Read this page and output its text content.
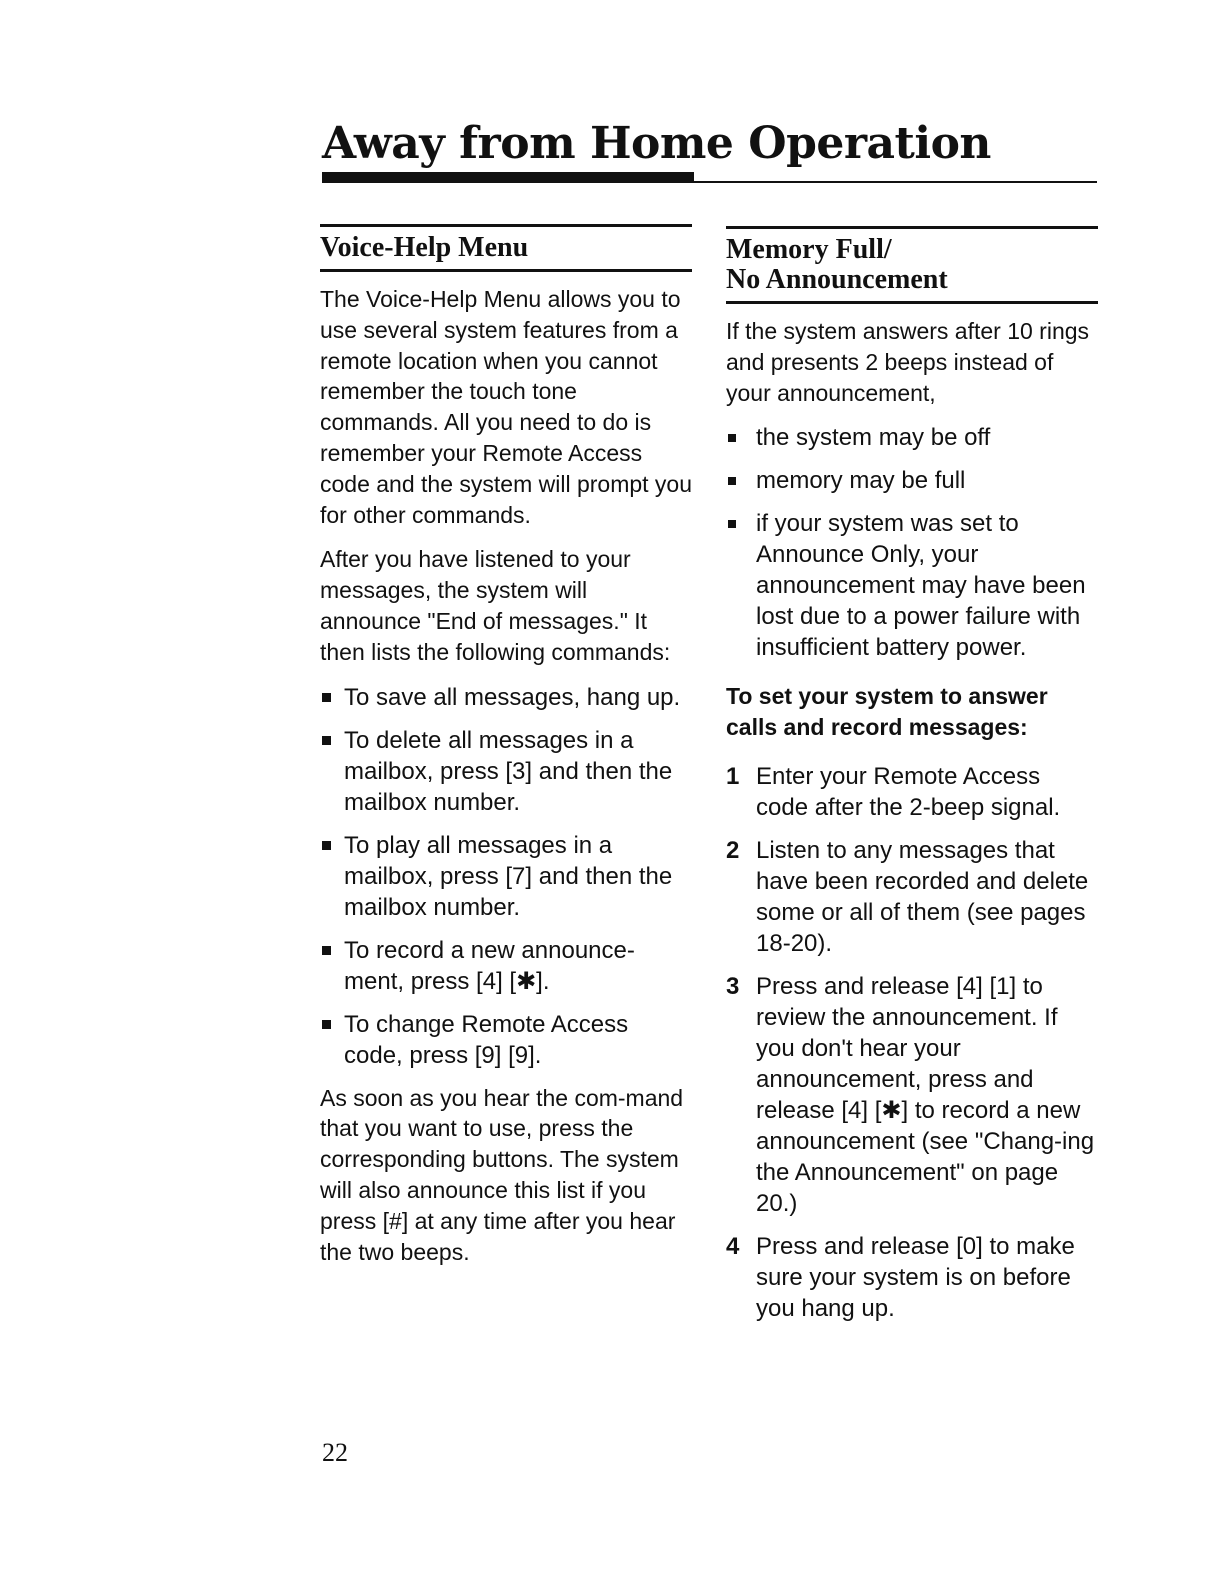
Away from Home Operation
Voice-Help Menu

The Voice-Help Menu allows you to use several system features from a remote location when you cannot remember the touch tone commands. All you need to do is remember your Remote Access code and the system will prompt you for other commands.

After you have listened to your messages, the system will announce "End of messages." It then lists the following commands:

To save all messages, hang up.
To delete all messages in a mailbox, press [3] and then the mailbox number.
To play all messages in a mailbox, press [7] and then the mailbox number.
To record a new announce-ment, press [4] [✱].
To change Remote Access code, press [9] [9].

As soon as you hear the com-mand that you want to use, press the corresponding buttons. The system will also announce this list if you press [#] at any time after you hear the two beeps.

Memory Full/
No Announcement

If the system answers after 10 rings and presents 2 beeps instead of your announcement,

the system may be off
memory may be full
if your system was set to Announce Only, your announcement may have been lost due to a power failure with insufficient battery power.
To set your system to answer calls and record messages:
1 Enter your Remote Access code after the 2-beep signal.
2 Listen to any messages that have been recorded and delete some or all of them (see pages 18-20).
3 Press and release [4] [1] to review the announcement. If you don't hear your announcement, press and release [4] [✱] to record a new announcement (see "Chang-ing the Announcement" on page 20.)
4 Press and release [0] to make sure your system is on before you hang up.
22
